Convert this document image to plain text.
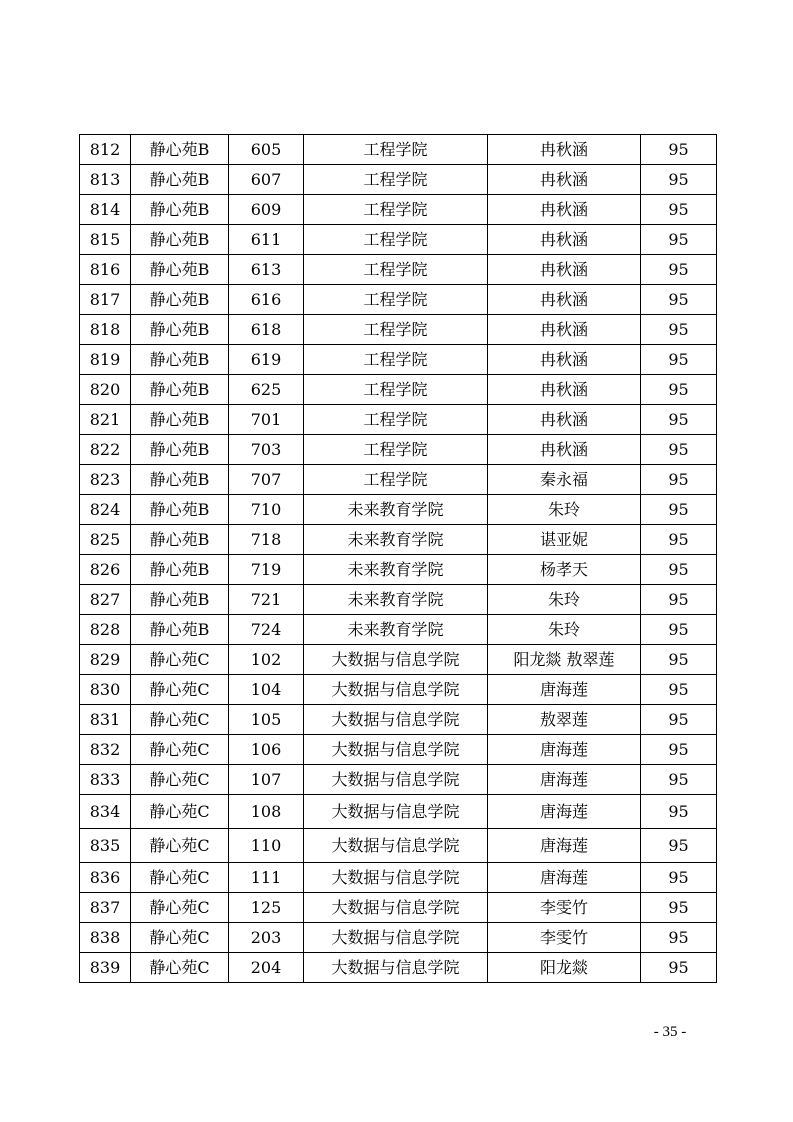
812	静心苑B	605	工程学院	冉秋涵	95
813	静心苑B	607	工程学院	冉秋涵	95
814	静心苑B	609	工程学院	冉秋涵	95
815	静心苑B	611	工程学院	冉秋涵	95
816	静心苑B	613	工程学院	冉秋涵	95
817	静心苑B	616	工程学院	冉秋涵	95
818	静心苑B	618	工程学院	冉秋涵	95
819	静心苑B	619	工程学院	冉秋涵	95
820	静心苑B	625	工程学院	冉秋涵	95
821	静心苑B	701	工程学院	冉秋涵	95
822	静心苑B	703	工程学院	冉秋涵	95
823	静心苑B	707	工程学院	秦永福	95
824	静心苑B	710	未来教育学院	朱玲	95
825	静心苑B	718	未来教育学院	谌亚妮	95
826	静心苑B	719	未来教育学院	杨孝天	95
827	静心苑B	721	未来教育学院	朱玲	95
828	静心苑B	724	未来教育学院	朱玲	95
829	静心苑C	102	大数据与信息学院	阳龙燚 敖翠莲	95
830	静心苑C	104	大数据与信息学院	唐海莲	95
831	静心苑C	105	大数据与信息学院	敖翠莲	95
832	静心苑C	106	大数据与信息学院	唐海莲	95
833	静心苑C	107	大数据与信息学院	唐海莲	95
834	静心苑C	108	大数据与信息学院	唐海莲	95
835	静心苑C	110	大数据与信息学院	唐海莲	95
836	静心苑C	111	大数据与信息学院	唐海莲	95
837	静心苑C	125	大数据与信息学院	李雯竹	95
838	静心苑C	203	大数据与信息学院	李雯竹	95
839	静心苑C	204	大数据与信息学院	阳龙燚	95
- 35 -
